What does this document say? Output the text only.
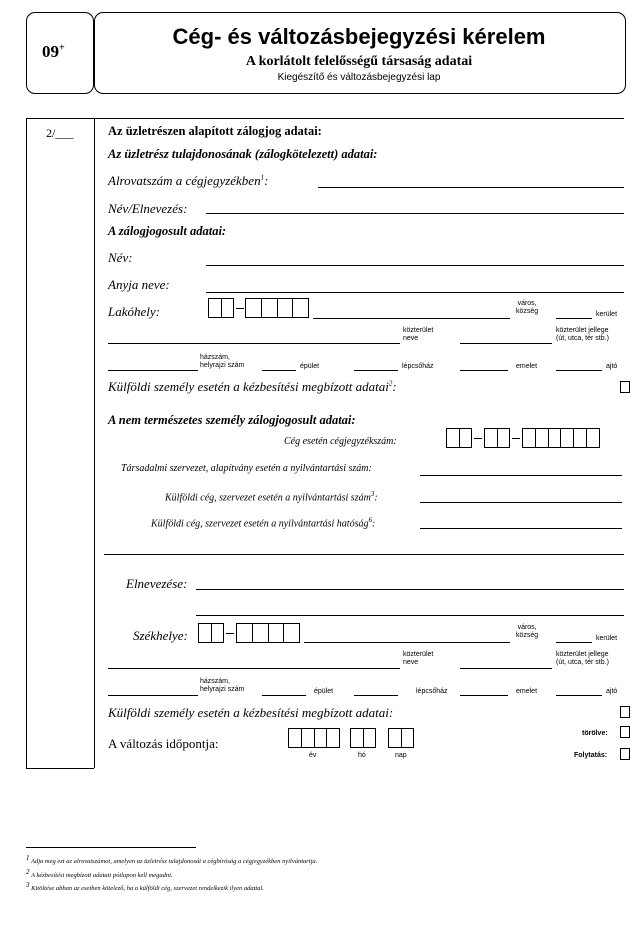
09+	Cég- és változásbejegyzési kérelem
A korlátolt felelősségű társaság adatai
Kiegészítő és változásbejegyzési lap
2/___	Az üzletrészen alapított zálogjog adatai:
Az üzletrész tulajdonosának (zálogkötelezett) adatai:
Alrovatszám a cégjegyzékben$^1$:
Név/Elnevezés:
A zálogjogosult adatai:
Név:
Anyja neve:
Lakóhely:
város,
község	kerület
közterület
neve
közterület jellege
(út, utca, tér stb.)
házszám,
helyrajzi szám	épület	lépcsőház	emelet	ajtó
Külföldi személy esetén a kézbesítési megbízott adatai$^2$:
A nem természetes személy zálogjogosult adatai:
Cég esetén cégjegyzékszám:
Társadalmi szervezet, alapítvány esetén a nyilvántartási szám:
Külföldi cég, szervezet esetén a nyilvántartási szám$^3$:
Külföldi cég, szervezet esetén a nyilvántartási hatóság$^6$:
Elnevezése:
Székhelye:
város,
község	kerület
közterület
neve
közterület jellege
(út, utca, tér stb.)
házszám,
helyrajzi szám	épület	lépcsőház	emelet	ajtó
Külföldi személy esetén a kézbesítési megbízott adatai:
A változás időpontja:
év	hó	nap
törölve:
Folytatás:
$^1$ Adja meg ezt az alrovatszámot, amelyen az üzletrész tulajdonosát a cégbíróság a cégjegyzékben nyilvántartja.
$^2$ A kézbesítési megbízott adatait pótlapon kell megadni.
$^3$ Kitöltése abban az esetben kötelező, ha a külföldi cég, szervezet rendelkezik ilyen adattal.
